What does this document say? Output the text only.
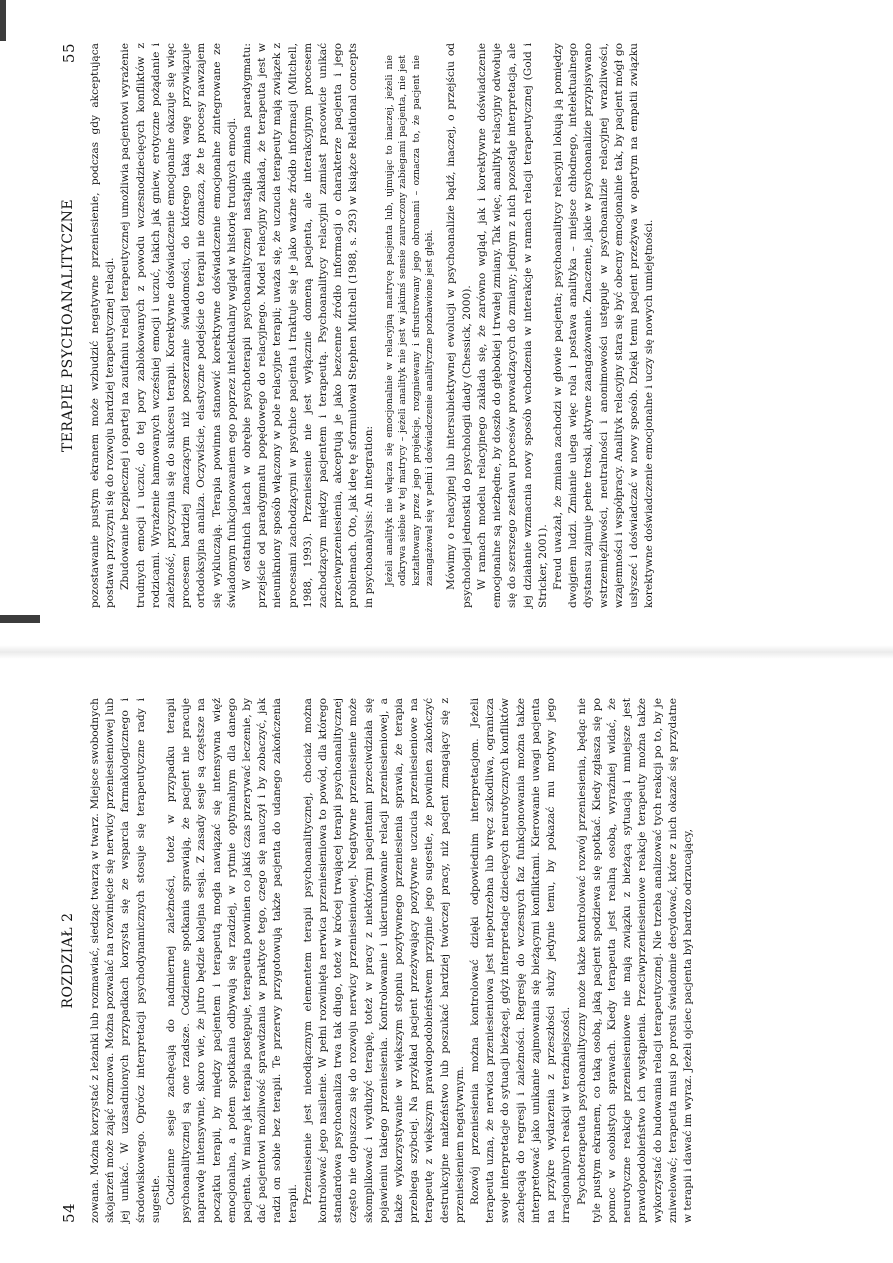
54
ROZDZIAŁ 2 zowana. Można korzystać z leżanki lub rozmawiać, siedząc twarzą w twarz. Miejsce swobodnych skojarzeń może zająć rozmowa. Można pozwalać na rozwinięcie się nerwicy przeniesieniowej lub jej unikać. W uzasadnionych przypadkach korzysta się ze wsparcia farmakologicznego i środowiskowego. Oprócz interpretacji psychodynamicznych stosuje się terapeutyczne rady i sugestie. Codzienne sesje zachęcają do nadmiernej zależności, toteż w przypadku terapii psychoanalitycznej są one rzadsze. Codzienne spotkania sprawiają, że pacjent nie pracuje naprawdę intensywnie, skoro wie, że jutro będzie kolejna sesja. Z zasady sesje są częstsze na początku terapii, by między pacjentem i terapeutą mogła nawiązać się intensywna więź emocjonalna, a potem spotkania odbywają się rzadziej, w rytmie optymalnym dla danego pacjenta. W miarę jak terapia postępuje, terapeuta powinien co jakiś czas przerywać leczenie, by dać pacjentowi możliwość sprawdzania w praktyce tego, czego się nauczył i by zobaczyć, jak radzi on sobie bez terapii. Te przerwy przygotowują także pacjenta do udanego zakończenia terapii. Przeniesienie jest nieodłącznym elementem terapii psychoanalitycznej, chociaż można kontrolować jego nasilenie. W pełni rozwinięta nerwica przeniesieniowa to powód, dla którego standardowa psychoanaliza trwa tak długo, toteż w krócej trwającej terapii psychoanalitycznej często nie dopuszcza się do rozwoju nerwicy przeniesieniowej. Negatywne przeniesienie może skomplikować i wydłużyć terapię, toteż w pracy z niektórymi pacjentami przeciwdziała się pojawieniu takiego przeniesienia. Kontrolowanie i ukierunkowanie relacji przeniesieniowej, a także wykorzystywanie w większym stopniu pozytywnego przeniesienia sprawia, że terapia przebiega szybciej. Na przykład pacjent przeżywający pozytywne uczucia przeniesieniowe na terapeutę z większym prawdopodobieństwem przyjmie jego sugestie, że powinien zakończyć destrukcyjne małżeństwo lub poszukać bardziej twórczej pracy, niż pacjent zmagający się z przeniesieniem negatywnym. Rozwój przeniesienia można kontrolować dzięki odpowiednim interpretacjom. Jeżeli terapeuta uzna, że nerwica przeniesieniowa jest niepotrzebna lub wręcz szkodliwa, ogranicza swoje interpretacje do sytuacji bieżącej, gdyż interpretacje dziecięcych neurotycznych konfliktów zachęcają do regresji i zależności. Regresję do wczesnych faz funkcjonowania można także interpretować jako unikanie zajmowania się bieżącymi konfliktami. Kierowanie uwagi pacjenta na przykre wydarzenia z przeszłości służy jedynie temu, by pokazać mu motywy jego irracjonalnych reakcji w teraźniejszości. Psychoterapeuta psychoanalityczny może także kontrolować rozwój przeniesienia, będąc nie tyle pustym ekranem, co taką osobą, jaką pacjent spodziewa się spotkać. Kiedy zgłasza się po pomoc w osobistych sprawach. Kiedy terapeuta jest realną osobą, wyraźniej widać, że neurotyczne reakcje przeniesieniowe nie mają związku z bieżącą sytuacją i mniejsze jest prawdopodobieństwo ich wystąpienia. Przeciwprzeniesieniowe reakcje terapeuty można także wykorzystać do budowania relacji terapeutycznej. Nie trzeba analizować tych reakcji po to, by je zniwelować; terapeuta musi po prostu świadomie decydować, które z nich okazać się przydatne w terapii i dawać im wyraz. Jeżeli ojciec pacjenta był bardzo odrzucający,

TERAPIE PSYCHOANALITYCZNE
55 pozostawanie pustym ekranem może wzbudzić negatywne przeniesienie, podczas gdy akceptująca postawa przyczyni się do rozwoju bardziej terapeutycznej relacji. Zbudowanie bezpiecznej i opartej na zaufaniu relacji terapeutycznej umożliwia pacjentowi wyrażenie trudnych emocji i uczuć, do tej pory zablokowanych z powodu wczesnodziecięcych konfliktów z rodzicami. Wyrażenie hamowanych wcześniej emocji i uczuć, takich jak gniew, erotyczne pożądanie i zależność, przyczynia się do sukcesu terapii. Korektywne doświadczenie emocjonalne okazuje się więc procesem bardziej znaczącym niż poszerzanie świadomości, do którego taką wagę przywiązuje ortodoksyjna analiza. Oczywiście, elastyczne podejście do terapii nie oznacza, że te procesy nawzajem się wykluczają. Terapia powinna stanowić korektywne doświadczenie emocjonalne zintegrowane ze świadomym funkcjonowaniem ego poprzez intelektualny wgląd w historię trudnych emocji. W ostatnich latach w obrębie psychoterapii psychoanalitycznej nastąpiła zmiana paradygmatu: przejście od paradygmatu popędowego do relacyjnego. Model relacyjny zakłada, że terapeuta jest w nieunikniony sposób włączony w pole relacyjne terapii; uważa się, że uczucia terapeuty mają związek z procesami zachodzącymi w psychice pacjenta i traktuje się je jako ważne źródło informacji (Mitchell, 1988, 1993). Przeniesienie nie jest wyłącznie domeną pacjenta, ale interakcyjnym procesem zachodzącym między pacjentem i terapeutą. Psychoanalitycy relacyjni zamiast pracowicie unikać przeciwprzeniesienia, akceptują je jako bezcenne źródło informacji o charakterze pacjenta i jego problemach. Oto, jak ideę tę sformułował Stephen Mitchell (1988, s. 293) w książce Relational concepts in psychoanalysis: An integration: Jeżeli analityk nie włącza się emocjonalnie w relacyjną matrycę pacjenta lub, ujmując to inaczej, jeżeli nie odkrywa siebie w tej matrycy – jeżeli analityk nie jest w jakimś sensie zauroczony zabiegami pacjenta, nie jest kształtowany przez jego projekcje, rozgniewany i sfrustrowany jego obronami – oznacza to, że pacjent nie zaangażował się w pełni i doświadczenie analityczne pozbawione jest głębi. Mówimy o relacyjnej lub intersubiektywnej ewolucji w psychoanalizie bądź, inaczej, o przejściu od psychologii jednostki do psychologii diady (Chessick, 2000). W ramach modelu relacyjnego zakłada się, że zarówno wgląd, jak i korektywne doświadczenie emocjonalne są niezbędne, by doszło do głębokiej i trwałej zmiany. Tak więc, analityk relacyjny odwołuje się do szerszego zestawu procesów prowadzących do zmiany; jednym z nich pozostaje interpretacja, ale jej działanie wzmacnia nowy sposób wchodzenia w interakcje w ramach relacji terapeutycznej (Gold i Stricker, 2001). Freud uważał, że zmiana zachodzi w głowie pacjenta; psychoanalitycy relacyjni lokują ją pomiędzy dwojgiem ludzi. Zmianie ulega więc rola i postawa analityka – miejsce chłodnego, intelektualnego dystansu zajmuje pełne troski, aktywne zaangażowanie. Znaczenie, jakie w psychoanalizie przypisywano wstrzemięźliwości, neutralności i anonimowości ustępuje w psychoanalizie relacyjnej wrażliwości, wzajemności i współpracy. Analityk relacyjny stara się być obecny emocjonalnie tak, by pacjent mógł go usłyszeć i doświadczać w nowy sposób. Dzięki temu pacjent przeżywa w opartym na empatii związku korektywne doświadczenie emocjonalne i uczy się nowych umiejętności.
